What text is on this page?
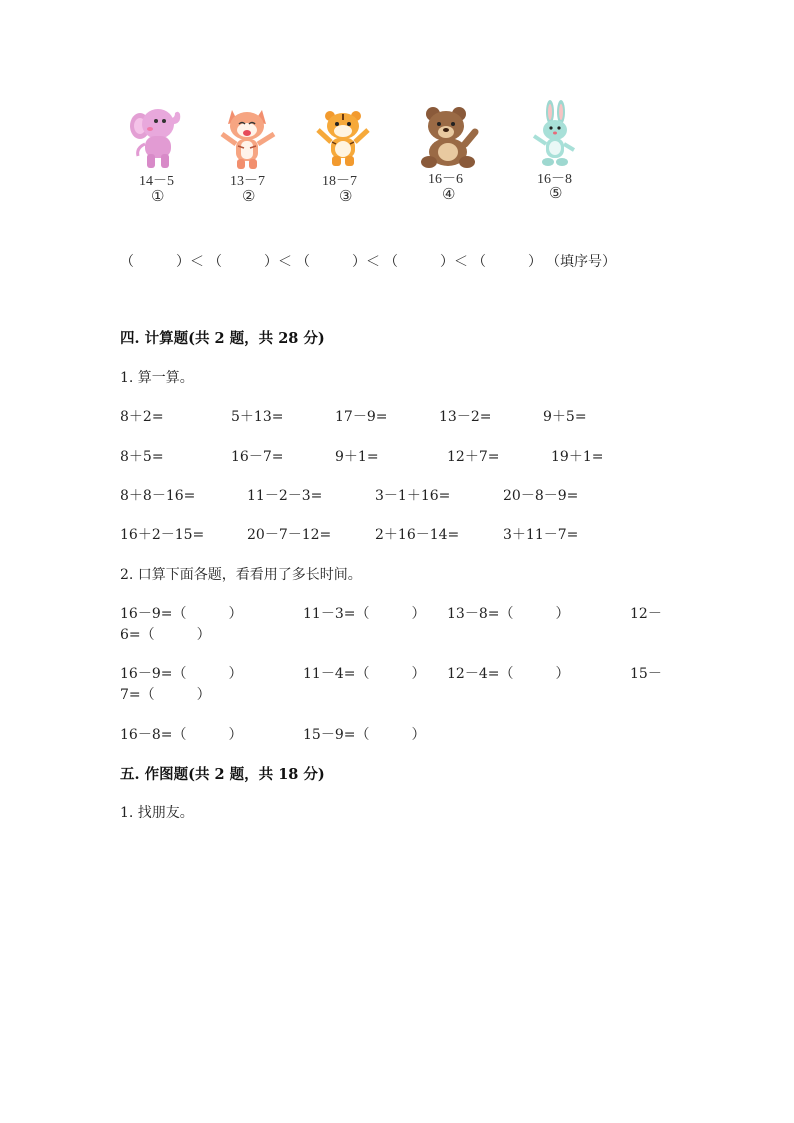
14－5	13－7	18－7	16－6	16－8
①	②	③	④	⑤
（　　　） ＜ （　　　） ＜ （　　　） ＜ （　　　） ＜ （　　　） （填序号）
四. 计算题(共 2 题，共 28 分)
1. 算一算。
8＋2=	5＋13=	17－9=	13－2=	9＋5=
8＋5=	16－7=	9＋1=	12＋7=	19＋1=
8＋8－16=	11－2－3=	3－1＋16=	20－8－9=
16＋2－15=	20－7－12=	2＋16－14=	3＋11－7=
2. 口算下面各题，看看用了多长时间。
16－9=（　　　）	11－3=（　　　） 13－8=（　　　）	12－
6=（　　　）
16－9=（　　　）	11－4=（　　　） 12－4=（　　　）	15－
7=（　　　）
16－8=（　　　）	15－9=（　　　）
五. 作图题(共 2 题，共 18 分)
1. 找朋友。
